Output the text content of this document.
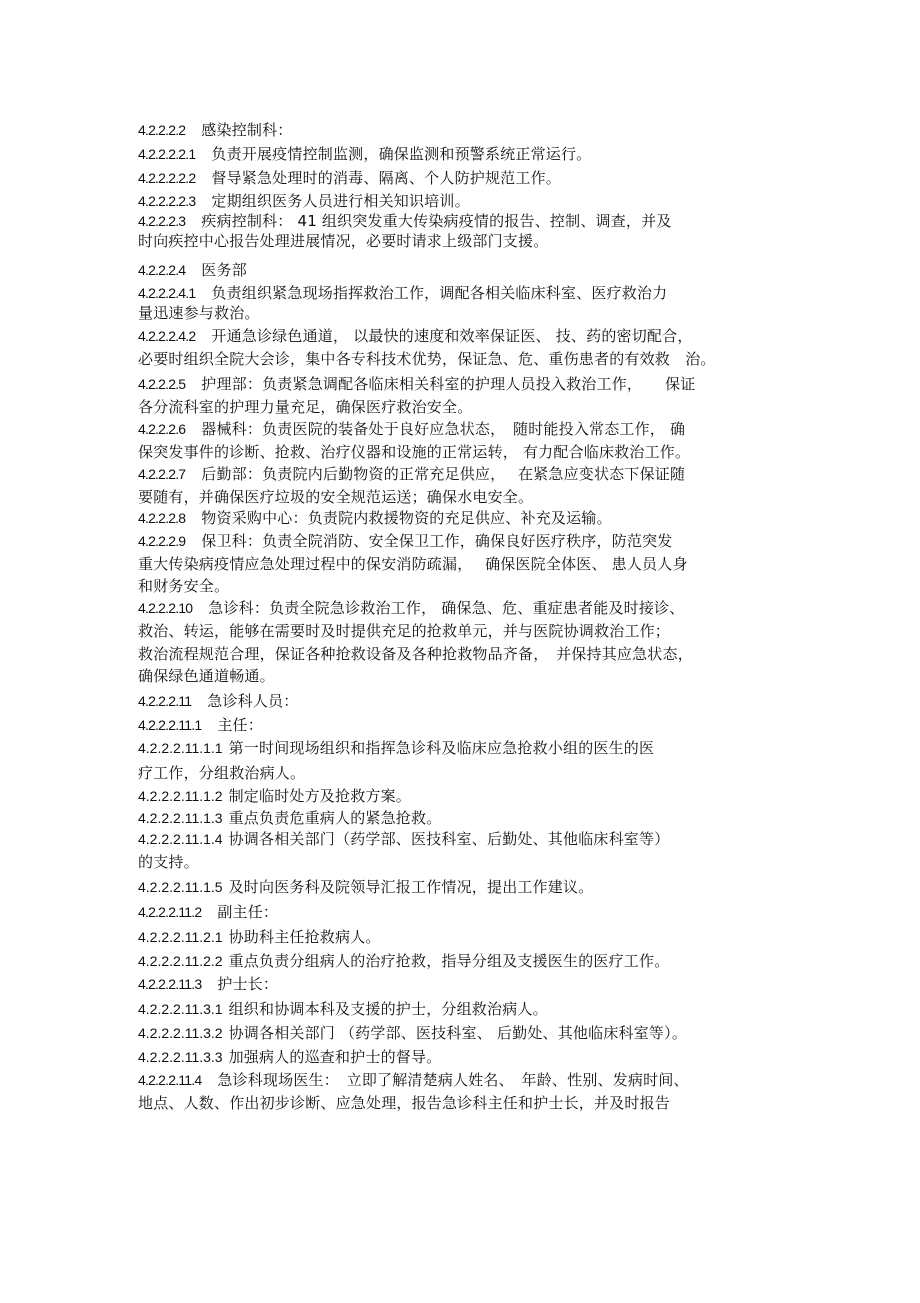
4.2.2.2.2 感染控制科：
4.2.2.2.2.1 负责开展疫情控制监测，确保监测和预警系统正常运行。
4.2.2.2.2.2 督导紧急处理时的消毒、隔离、个人防护规范工作。
4.2.2.2.2.3 定期组织医务人员进行相关知识培训。
4.2.2.2.3 疾病控制科： 41 组织突发重大传染病疫情的报告、控制、调查，并及
时向疾控中心报告处理进展情况，必要时请求上级部门支援。
4.2.2.2.4 医务部
4.2.2.2.4.1 负责组织紧急现场指挥救治工作，调配各相关临床科室、医疗救治力
量迅速参与救治。
4.2.2.2.4.2 开通急诊绿色通道， 以最快的速度和效率保证医、 技、药的密切配合，
必要时组织全院大会诊，集中各专科技术优势，保证急、危、重伤患者的有效救　治。
4.2.2.2.5 护理部：负责紧急调配各临床相关科室的护理人员投入救治工作，　　保证
各分流科室的护理力量充足，确保医疗救治安全。
4.2.2.2.6 器械科：负责医院的装备处于良好应急状态，　随时能投入常态工作， 确
保突发事件的诊断、抢救、治疗仪器和设施的正常运转， 有力配合临床救治工作。
4.2.2.2.7 后勤部：负责院内后勤物资的正常充足供应，　 在紧急应变状态下保证随
要随有，并确保医疗垃圾的安全规范运送；确保水电安全。
4.2.2.2.8 物资采购中心：负责院内救援物资的充足供应、补充及运输。
4.2.2.2.9 保卫科：负责全院消防、安全保卫工作，确保良好医疗秩序，防范突发
重大传染病疫情应急处理过程中的保安消防疏漏，　 确保医院全体医、 患人员人身
和财务安全。
4.2.2.2.10 急诊科：负责全院急诊救治工作， 确保急、危、重症患者能及时接诊、
救治、转运，能够在需要时及时提供充足的抢救单元，并与医院协调救治工作；
救治流程规范合理，保证各种抢救设备及各种抢救物品齐备，　并保持其应急状态，
确保绿色通道畅通。
4.2.2.2.11 急诊科人员：
4.2.2.2.11.1 主任：
4.2.2.2.11.1.1 第一时间现场组织和指挥急诊科及临床应急抢救小组的医生的医
疗工作，分组救治病人。
4.2.2.2.11.1.2 制定临时处方及抢救方案。
4.2.2.2.11.1.3 重点负责危重病人的紧急抢救。
4.2.2.2.11.1.4 协调各相关部门（药学部、医技科室、后勤处、其他临床科室等）
的支持。
4.2.2.2.11.1.5 及时向医务科及院领导汇报工作情况，提出工作建议。
4.2.2.2.11.2 副主任：
4.2.2.2.11.2.1 协助科主任抢救病人。
4.2.2.2.11.2.2 重点负责分组病人的治疗抢救，指导分组及支援医生的医疗工作。
4.2.2.2.11.3 护士长：
4.2.2.2.11.3.1 组织和协调本科及支援的护士，分组救治病人。
4.2.2.2.11.3.2 协调各相关部门 （药学部、医技科室、 后勤处、其他临床科室等）。
4.2.2.2.11.3.3 加强病人的巡查和护士的督导。
4.2.2.2.11.4 急诊科现场医生：　立即了解清楚病人姓名、　年龄、性别、发病时间、
地点、人数、作出初步诊断、应急处理，报告急诊科主任和护士长，并及时报告
